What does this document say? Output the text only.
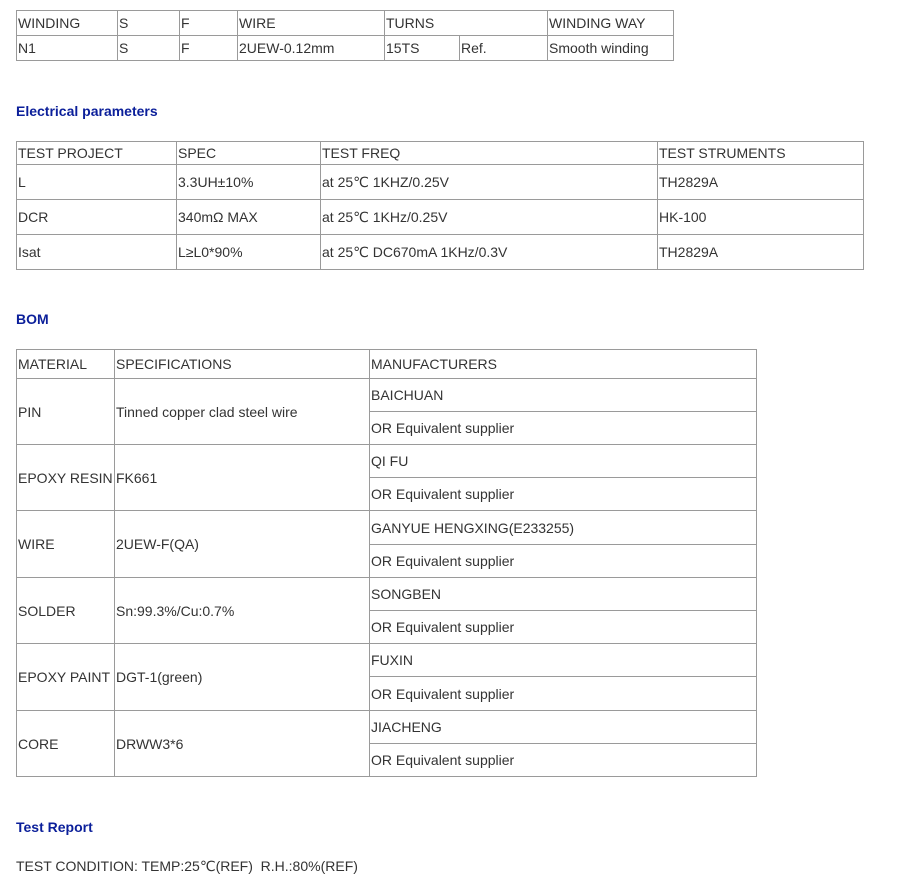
WINDING	S	F	WIRE	TURNS		WINDING WAY
N1	S	F	2UEW-0.12mm	15TS	Ref.	Smooth winding
Electrical parameters
TEST PROJECT	SPEC	TEST FREQ	TEST STRUMENTS
L	3.3UH±10%	at 25℃ 1KHZ/0.25V	TH2829A
DCR	340mΩ MAX	at 25℃ 1KHz/0.25V	HK-100
Isat	L≥L0*90%	at 25℃ DC670mA 1KHz/0.3V	TH2829A
BOM
MATERIAL	SPECIFICATIONS	MANUFACTURERS
PIN	Tinned copper clad steel wire	BAICHUAN
		OR Equivalent supplier
EPOXY RESIN	FK661	QI FU
		OR Equivalent supplier
WIRE	2UEW-F(QA)	GANYUE HENGXING(E233255)
		OR Equivalent supplier
SOLDER	Sn:99.3%/Cu:0.7%	SONGBEN
		OR Equivalent supplier
EPOXY PAINT	DGT-1(green)	FUXIN
		OR Equivalent supplier
CORE	DRWW3*6	JIACHENG
		OR Equivalent supplier
Test Report
TEST CONDITION: TEMP:25℃(REF)  R.H.:80%(REF)
